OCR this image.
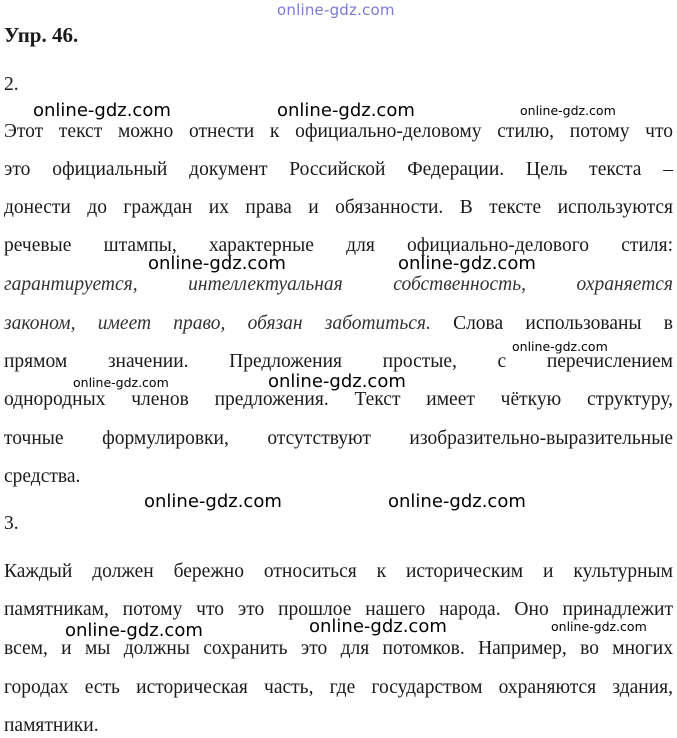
online-gdz.com
Упр. 46.
2.
Этот текст можно отнести к официально-деловому стилю, потому что
это официальный документ Российской Федерации. Цель текста –
донести до граждан их права и обязанности. В тексте используются
речевые штампы, характерные для официально-делового стиля:
гарантируется, интеллектуальная собственность, охраняется
законом, имеет право, обязан заботиться. Слова использованы в
прямом значении. Предложения простые, с перечислением
однородных членов предложения. Текст имеет чёткую структуру,
точные формулировки, отсутствуют изобразительно-выразительные
средства.
3.
Каждый должен бережно относиться к историческим и культурным
памятникам, потому что это прошлое нашего народа. Оно принадлежит
всем, и мы должны сохранить это для потомков. Например, во многих
городах есть историческая часть, где государством охраняются здания,
памятники.
online-gdz.com	online-gdz.com	online-gdz.com
online-gdz.com	online-gdz.com
online-gdz.com
online-gdz.com	online-gdz.com
online-gdz.com	online-gdz.com
online-gdz.com	online-gdz.com	online-gdz.com
